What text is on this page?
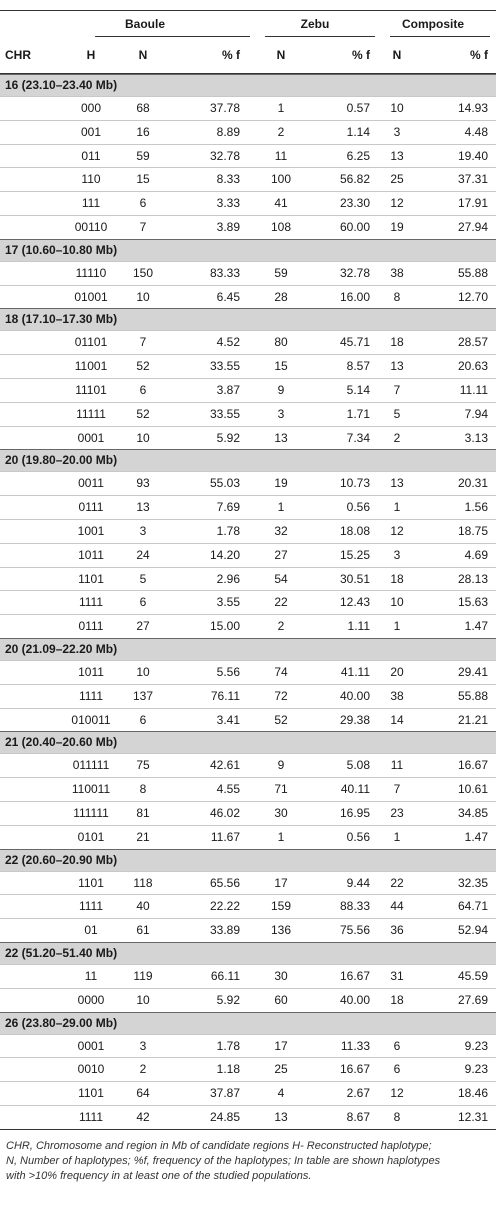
Baoule	Zebu	Composite
CHR	H	N	% f	N	% f N	% f
16 (23.10–23.40 Mb)
000	68	37.78	1	0.57 10	14.93
001	16	8.89	2	1.14 3	4.48
011	59	32.78	11	6.25 13	19.40
110	15	8.33	100	56.82 25	37.31
111	6	3.33	41	23.30 12	17.91
00110	7	3.89	108	60.00 19	27.94
17 (10.60–10.80 Mb)
11110 150	83.33	59	32.78 38	55.88
01001 10	6.45	28	16.00 8	12.70
18 (17.10–17.30 Mb)
01101	7	4.52	80	45.71 18	28.57
11001 52	33.55	15	8.57 13	20.63
11101	6	3.87	9	5.14 7	11.11
11111	52	33.55	3	1.71 5	7.94
0001	10	5.92	13	7.34 2	3.13
20 (19.80–20.00 Mb)
0011	93	55.03	19	10.73 13	20.31
0111	13	7.69	1	0.56 1	1.56
1001	3	1.78	32	18.08 12	18.75
1011	24	14.20	27	15.25 3	4.69
1101	5	2.96	54	30.51 18	28.13
1111	6	3.55	22	12.43 10	15.63
0111	27	15.00	2	1.11 1	1.47
20 (21.09–22.20 Mb)
1011	10	5.56	74	41.11 20	29.41
1111 137	76.11	72	40.00 38	55.88
010011 6	3.41	52	29.38 14	21.21
21 (20.40–20.60 Mb)
011111 75	42.61	9	5.08 11	16.67
110011 8	4.55	71	40.11 7	10.61
111111 81	46.02	30	16.95 23	34.85
0101	21	11.67	1	0.56 1	1.47
22 (20.60–20.90 Mb)
1101 118	65.56	17	9.44 22	32.35
1111	40	22.22	159	88.33 44	64.71
01	61	33.89	136	75.56 36	52.94
22 (51.20–51.40 Mb)
11	119	66.11	30	16.67 31	45.59
0000	10	5.92	60	40.00 18	27.69
26 (23.80–29.00 Mb)
0001	3	1.78	17	11.33 6	9.23
0010	2	1.18	25	16.67 6	9.23
1101	64	37.87	4	2.67 12	18.46
1111	42	24.85	13	8.67 8	12.31
CHR, Chromosome and region in Mb of candidate regions H- Reconstructed haplotype;
N, Number of haplotypes; %f, frequency of the haplotypes; In table are shown haplotypes
with >10% frequency in at least one of the studied populations.
